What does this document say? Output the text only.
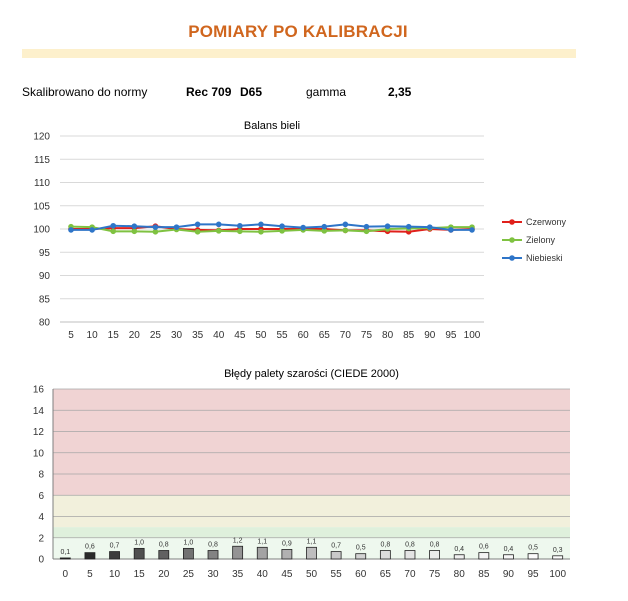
POMIARY PO KALIBRACJI
Skalibrowano do normy	Rec 709 D65	gamma	2,35
Balans bieli
80
85
90
95
100
105
110
115
120
5 10 15 20 25 30 35 40 45 50 55 60 65 70 75 80 85 90 95 100
Czerwony
Zielony
Niebieski
Błędy palety szarości (CIEDE 2000)
0
2
4
6
8
10
12
14
16
0,1
0
0,6
5
0,7
10
1,0
15
0,8
20
1,0
25
0,8
30
1,2
35
1,1
40
0,9
45
1,1
50
0,7
55
0,5
60
0,8
65
0,8
70
0,8
75
0,4
80
0,6
85
0,4
90
0,5
95
0,3
100
